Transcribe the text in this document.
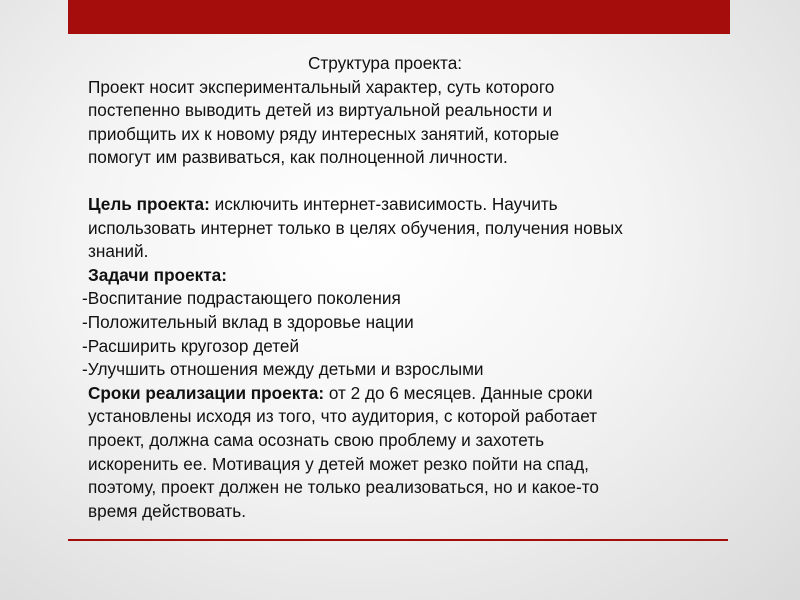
Структура проекта:
Проект носит экспериментальный характер, суть которого
постепенно выводить детей из виртуальной реальности и
приобщить их к новому ряду интересных занятий, которые
помогут им развиваться, как полноценной личности.
Цель проекта: исключить интернет-зависимость. Научить
использовать интернет только в целях обучения, получения новых
знаний.
Задачи проекта:
-Воспитание подрастающего поколения
-Положительный вклад в здоровье нации
-Расширить кругозор детей
-Улучшить отношения между детьми и взрослыми
Сроки реализации проекта: от 2 до 6 месяцев. Данные сроки
установлены исходя из того, что аудитория, с которой работает
проект, должна сама осознать свою проблему и захотеть
искоренить ее. Мотивация у детей может резко пойти на спад,
поэтому, проект должен не только реализоваться, но и какое-то
время действовать.
